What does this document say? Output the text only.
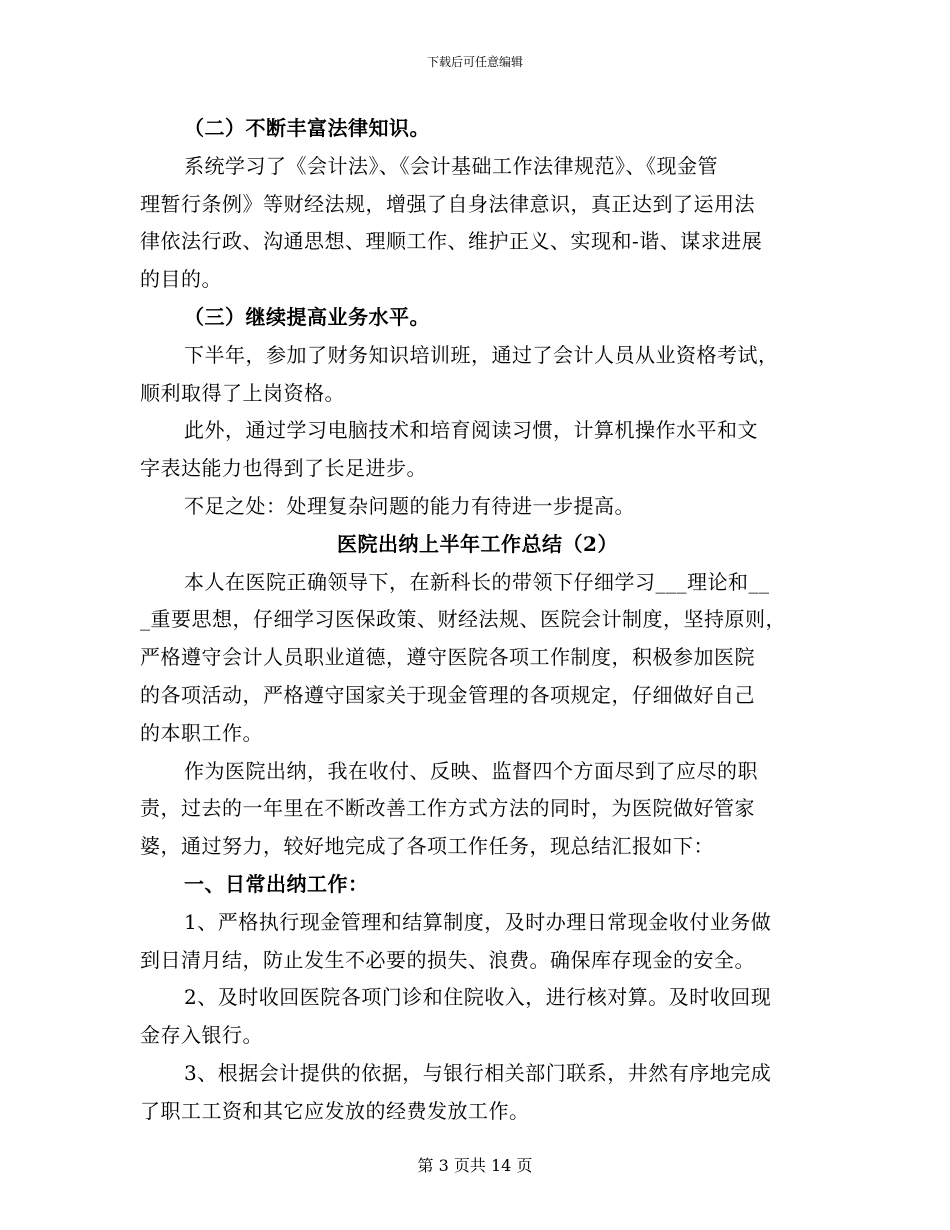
下载后可任意编辑
（二）不断丰富法律知识。
系统学习了《会计法》、《会计基础工作法律规范》、《现金管
理暂行条例》等财经法规，增强了自身法律意识，真正达到了运用法
律依法行政、沟通思想、理顺工作、维护正义、实现和-谐、谋求进展
的目的。
（三）继续提高业务水平。
下半年，参加了财务知识培训班，通过了会计人员从业资格考试，
顺利取得了上岗资格。
此外，通过学习电脑技术和培育阅读习惯，计算机操作水平和文
字表达能力也得到了长足进步。
不足之处：处理复杂问题的能力有待进一步提高。
医院出纳上半年工作总结（2）
本人在医院正确领导下，在新科长的带领下仔细学习___理论和__
_重要思想，仔细学习医保政策、财经法规、医院会计制度，坚持原则，
严格遵守会计人员职业道德，遵守医院各项工作制度，积极参加医院
的各项活动，严格遵守国家关于现金管理的各项规定，仔细做好自己
的本职工作。
作为医院出纳，我在收付、反映、监督四个方面尽到了应尽的职
责，过去的一年里在不断改善工作方式方法的同时，为医院做好管家
婆，通过努力，较好地完成了各项工作任务，现总结汇报如下：
一、日常出纳工作：
1、严格执行现金管理和结算制度，及时办理日常现金收付业务做
到日清月结，防止发生不必要的损失、浪费。确保库存现金的安全。
2、及时收回医院各项门诊和住院收入，进行核对算。及时收回现
金存入银行。
3、根据会计提供的依据，与银行相关部门联系，井然有序地完成
了职工工资和其它应发放的经费发放工作。
第 3 页共 14 页
